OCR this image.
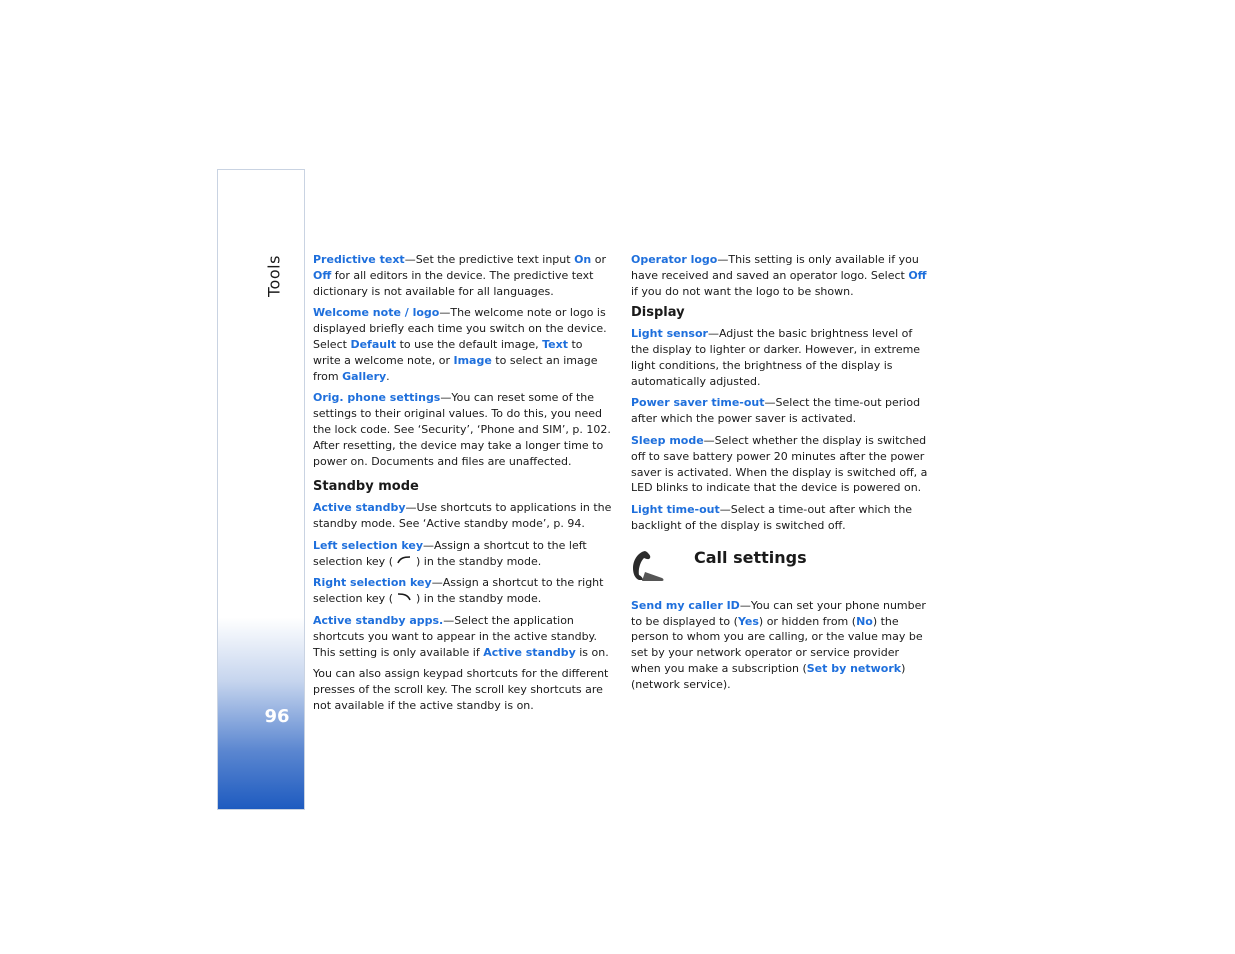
Tools
96

Predictive text—Set the predictive text input On or Off for all editors in the device. The predictive text dictionary is not available for all languages.

Welcome note / logo—The welcome note or logo is displayed briefly each time you switch on the device. Select Default to use the default image, Text to write a welcome note, or Image to select an image from Gallery.

Orig. phone settings—You can reset some of the settings to their original values. To do this, you need the lock code. See ‘Security’, ‘Phone and SIM’, p. 102. After resetting, the device may take a longer time to power on. Documents and files are unaffected.

Standby mode

Active standby—Use shortcuts to applications in the standby mode. See ‘Active standby mode’, p. 94.

Left selection key—Assign a shortcut to the left selection key (  ) in the standby mode.

Right selection key—Assign a shortcut to the right selection key (  ) in the standby mode.

Active standby apps.—Select the application shortcuts you want to appear in the active standby. This setting is only available if Active standby is on.

You can also assign keypad shortcuts for the different presses of the scroll key. The scroll key shortcuts are not available if the active standby is on.

Operator logo—This setting is only available if you have received and saved an operator logo. Select Off if you do not want the logo to be shown.

Display

Light sensor—Adjust the basic brightness level of the display to lighter or darker. However, in extreme light conditions, the brightness of the display is automatically adjusted.

Power saver time-out—Select the time-out period after which the power saver is activated.

Sleep mode—Select whether the display is switched off to save battery power 20 minutes after the power saver is activated. When the display is switched off, a LED blinks to indicate that the device is powered on.

Light time-out—Select a time-out after which the backlight of the display is switched off.

Call settings

Send my caller ID—You can set your phone number to be displayed to (Yes) or hidden from (No) the person to whom you are calling, or the value may be set by your network operator or service provider when you make a subscription (Set by network) (network service).
